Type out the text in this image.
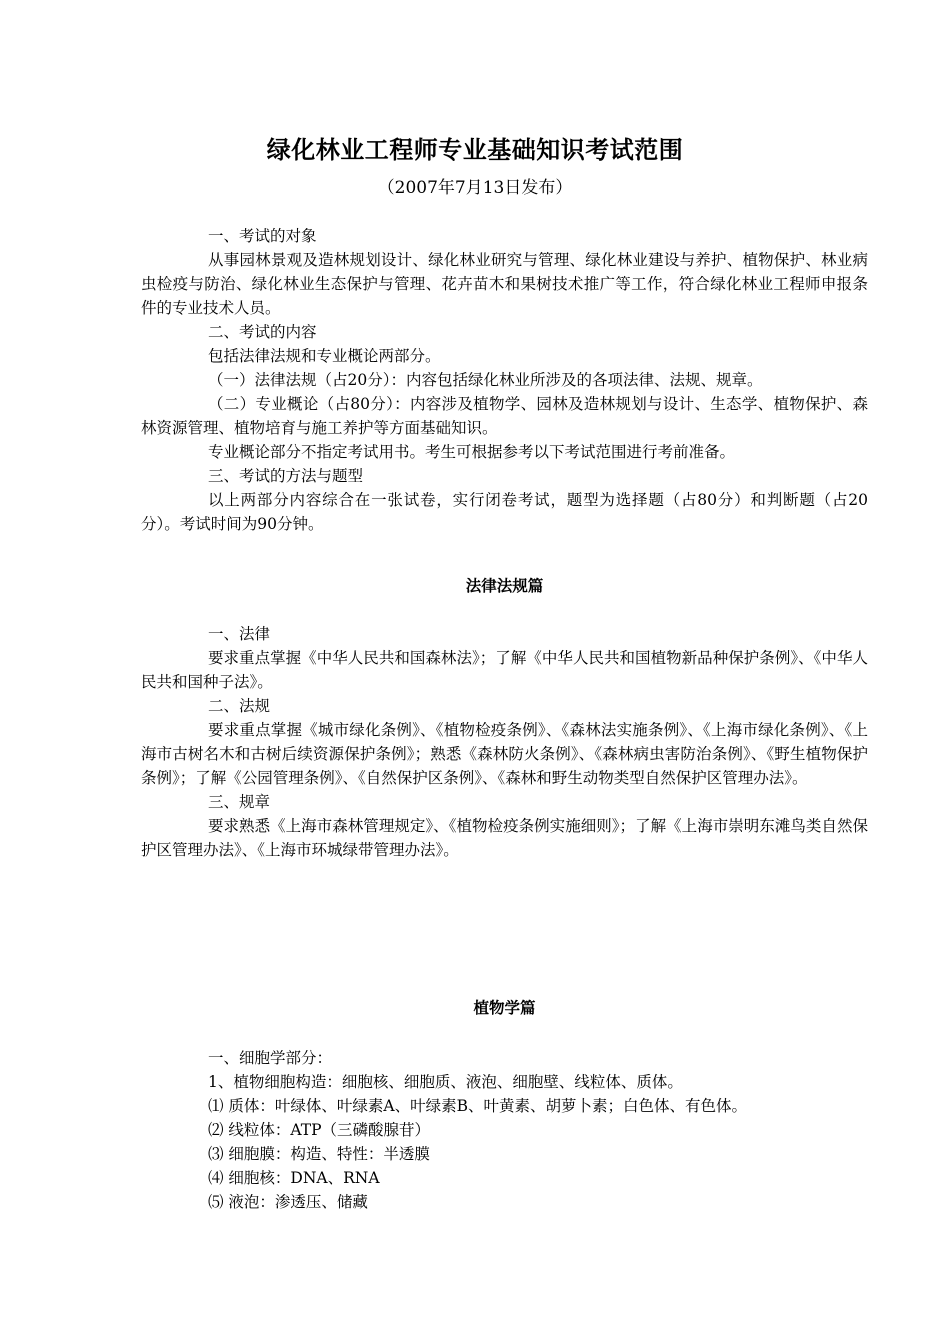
绿化林业工程师专业基础知识考试范围
（2007年7月13日发布）

一、考试的对象

从事园林景观及造林规划设计、绿化林业研究与管理、绿化林业建设与养护、植物保护、林业病虫检疫与防治、绿化林业生态保护与管理、花卉苗木和果树技术推广等工作，符合绿化林业工程师申报条件的专业技术人员。

二、考试的内容

包括法律法规和专业概论两部分。

（一）法律法规（占20分）：内容包括绿化林业所涉及的各项法律、法规、规章。

（二）专业概论（占80分）：内容涉及植物学、园林及造林规划与设计、生态学、植物保护、森林资源管理、植物培育与施工养护等方面基础知识。

专业概论部分不指定考试用书。考生可根据参考以下考试范围进行考前准备。

三、考试的方法与题型

以上两部分内容综合在一张试卷，实行闭卷考试，题型为选择题（占80分）和判断题（占20分）。考试时间为90分钟。

法律法规篇

一、法律

要求重点掌握《中华人民共和国森林法》；了解《中华人民共和国植物新品种保护条例》、《中华人民共和国种子法》。

二、法规

要求重点掌握《城市绿化条例》、《植物检疫条例》、《森林法实施条例》、《上海市绿化条例》、《上海市古树名木和古树后续资源保护条例》；熟悉《森林防火条例》、《森林病虫害防治条例》、《野生植物保护条例》；了解《公园管理条例》、《自然保护区条例》、《森林和野生动物类型自然保护区管理办法》。

三、规章

要求熟悉《上海市森林管理规定》、《植物检疫条例实施细则》；了解《上海市崇明东滩鸟类自然保护区管理办法》、《上海市环城绿带管理办法》。

植物学篇

一、细胞学部分：

1、植物细胞构造：细胞核、细胞质、液泡、细胞壁、线粒体、质体。

⑴ 质体：叶绿体、叶绿素A、叶绿素B、叶黄素、胡萝卜素；白色体、有色体。

⑵ 线粒体：ATP（三磷酸腺苷）

⑶ 细胞膜：构造、特性：半透膜

⑷ 细胞核：DNA、RNA

⑸ 液泡：渗透压、储藏
